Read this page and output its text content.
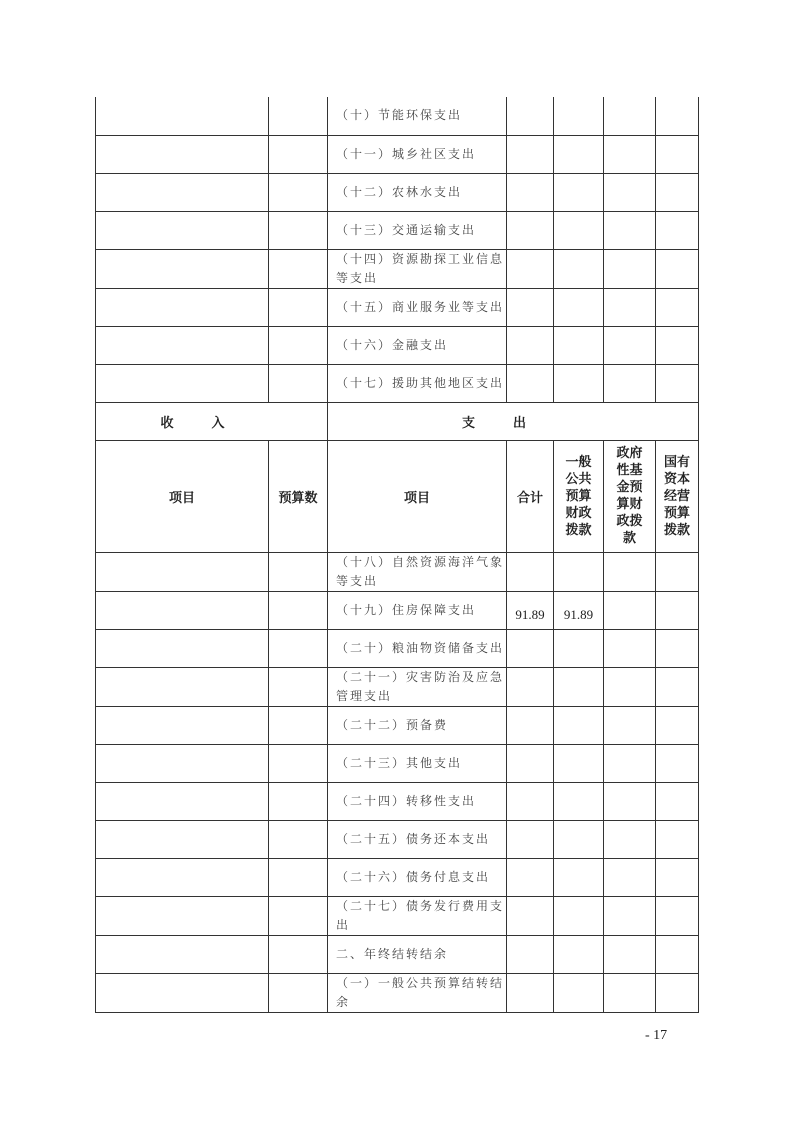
		（十）节能环保支出				
		（十一）城乡社区支出				
		（十二）农林水支出				
		（十三）交通运输支出				
		（十四）资源勘探工业信息等支出				
		（十五）商业服务业等支出				
		（十六）金融支出				
		（十七）援助其他地区支出				
收入		支出				
项目	预算数	项目	合计	一般公共预算财政拨款	政府性基金预算财政拨款	国有资本经营预算拨款
		（十八）自然资源海洋气象等支出				
		（十九）住房保障支出	91.89	91.89		
		（二十）粮油物资储备支出				
		（二十一）灾害防治及应急管理支出				
		（二十二）预备费				
		（二十三）其他支出				
		（二十四）转移性支出				
		（二十五）债务还本支出				
		（二十六）债务付息支出				
		（二十七）债务发行费用支出				
		二、年终结转结余				
		（一）一般公共预算结转结余				
- 17
